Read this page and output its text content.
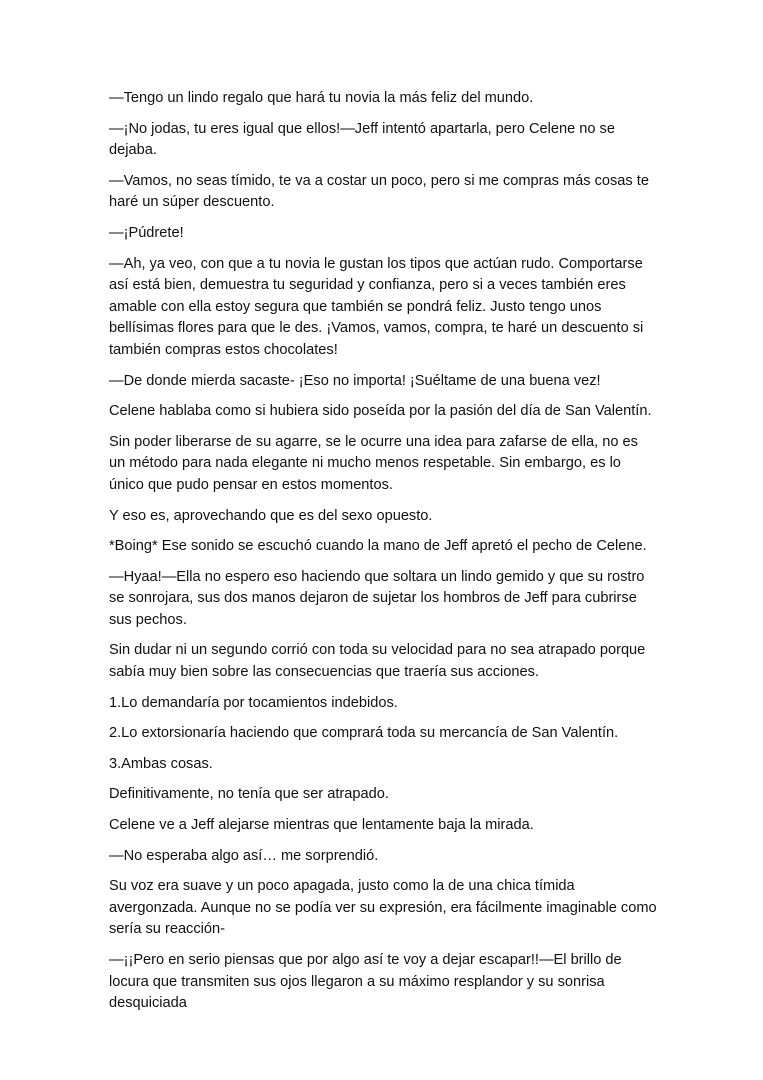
—Tengo un lindo regalo que hará tu novia la más feliz del mundo.

—¡No jodas, tu eres igual que ellos!—Jeff intentó apartarla, pero Celene no se dejaba.

—Vamos, no seas tímido, te va a costar un poco, pero si me compras más cosas te haré un súper descuento.

—¡Púdrete!

—Ah, ya veo, con que a tu novia le gustan los tipos que actúan rudo. Comportarse así está bien, demuestra tu seguridad y confianza, pero si a veces también eres amable con ella estoy segura que también se pondrá feliz. Justo tengo unos bellísimas flores para que le des. ¡Vamos, vamos, compra, te haré un descuento si también compras estos chocolates!

—De donde mierda sacaste- ¡Eso no importa! ¡Suéltame de una buena vez!

Celene hablaba como si hubiera sido poseída por la pasión del día de San Valentín.

Sin poder liberarse de su agarre, se le ocurre una idea para zafarse de ella, no es un método para nada elegante ni mucho menos respetable. Sin embargo, es lo único que pudo pensar en estos momentos.

Y eso es, aprovechando que es del sexo opuesto.

*Boing* Ese sonido se escuchó cuando la mano de Jeff apretó el pecho de Celene.

—Hyaa!—Ella no espero eso haciendo que soltara un lindo gemido y que su rostro se sonrojara, sus dos manos dejaron de sujetar los hombros de Jeff para cubrirse sus pechos.

Sin dudar ni un segundo corrió con toda su velocidad para no sea atrapado porque sabía muy bien sobre las consecuencias que traería sus acciones.

1.Lo demandaría por tocamientos indebidos.

2.Lo extorsionaría haciendo que comprará toda su mercancía de San Valentín.

3.Ambas cosas.

Definitivamente, no tenía que ser atrapado.

Celene ve a Jeff alejarse mientras que lentamente baja la mirada.

—No esperaba algo así… me sorprendió.

Su voz era suave y un poco apagada, justo como la de una chica tímida avergonzada. Aunque no se podía ver su expresión, era fácilmente imaginable como sería su reacción-

—¡¡Pero en serio piensas que por algo así te voy a dejar escapar!!—El brillo de locura que transmiten sus ojos llegaron a su máximo resplandor y su sonrisa desquiciada
